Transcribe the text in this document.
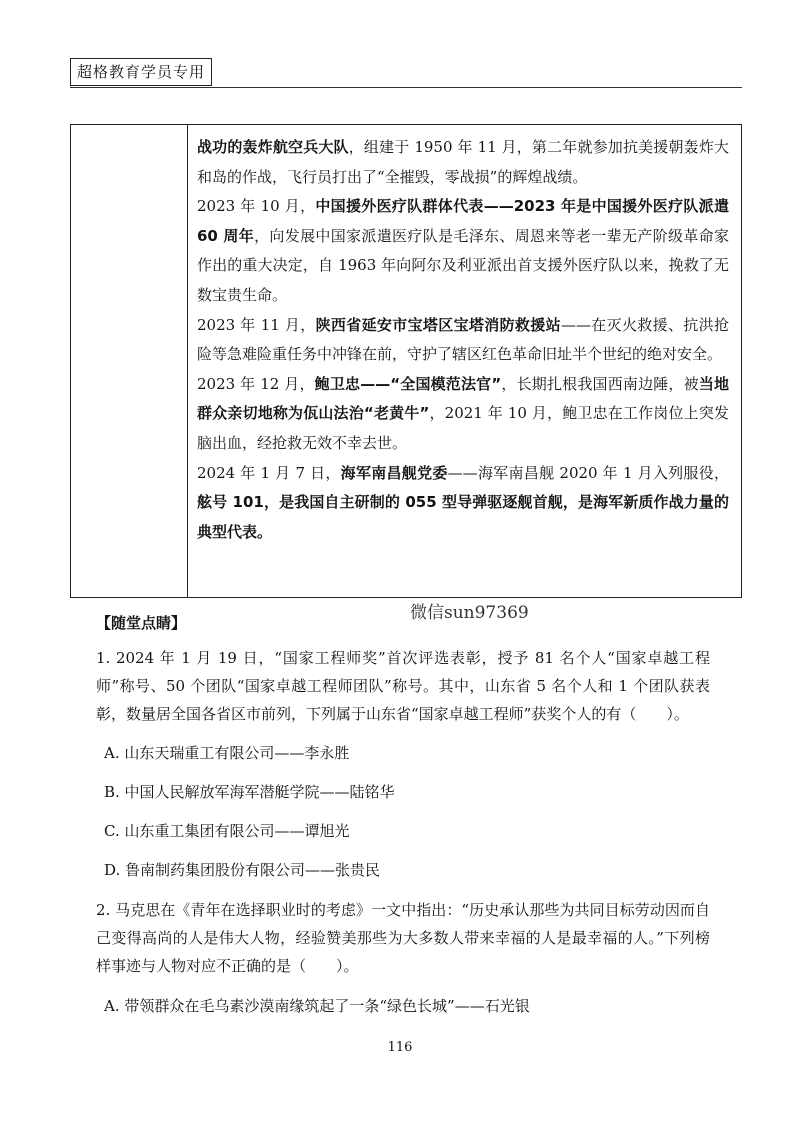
超格教育学员专用

战功的轰炸航空兵大队，组建于 1950 年 11 月，第二年就参加抗美援朝轰炸大和岛的作战，飞行员打出了“全摧毁，零战损”的辉煌战绩。

2023 年 10 月，中国援外医疗队群体代表——2023 年是中国援外医疗队派遣 60 周年，向发展中国家派遣医疗队是毛泽东、周恩来等老一辈无产阶级革命家作出的重大决定，自 1963 年向阿尔及利亚派出首支援外医疗队以来，挽救了无数宝贵生命。

2023 年 11 月，陕西省延安市宝塔区宝塔消防救援站——在灭火救援、抗洪抢险等急难险重任务中冲锋在前，守护了辖区红色革命旧址半个世纪的绝对安全。

2023 年 12 月，鲍卫忠——“全国模范法官”，长期扎根我国西南边陲，被当地群众亲切地称为佤山法治“老黄牛”，2021 年 10 月，鲍卫忠在工作岗位上突发脑出血，经抢救无效不幸去世。

2024 年 1 月 7 日，海军南昌舰党委——海军南昌舰 2020 年 1 月入列服役，舷号 101，是我国自主研制的 055 型导弹驱逐舰首舰，是海军新质作战力量的典型代表。

微信sun97369
【随堂点睛】

1. 2024 年 1 月 19 日，“国家工程师奖”首次评选表彰，授予 81 名个人“国家卓越工程师”称号、50 个团队“国家卓越工程师团队”称号。其中，山东省 5 名个人和 1 个团队获表彰，数量居全国各省区市前列，下列属于山东省“国家卓越工程师”获奖个人的有（　　）。

A. 山东天瑞重工有限公司——李永胜

B. 中国人民解放军海军潜艇学院——陆铭华

C. 山东重工集团有限公司——谭旭光

D. 鲁南制药集团股份有限公司——张贵民

2. 马克思在《青年在选择职业时的考虑》一文中指出：“历史承认那些为共同目标劳动因而自己变得高尚的人是伟大人物，经验赞美那些为大多数人带来幸福的人是最幸福的人。”下列榜样事迹与人物对应不正确的是（　　）。

A. 带领群众在毛乌素沙漠南缘筑起了一条“绿色长城”——石光银

116
